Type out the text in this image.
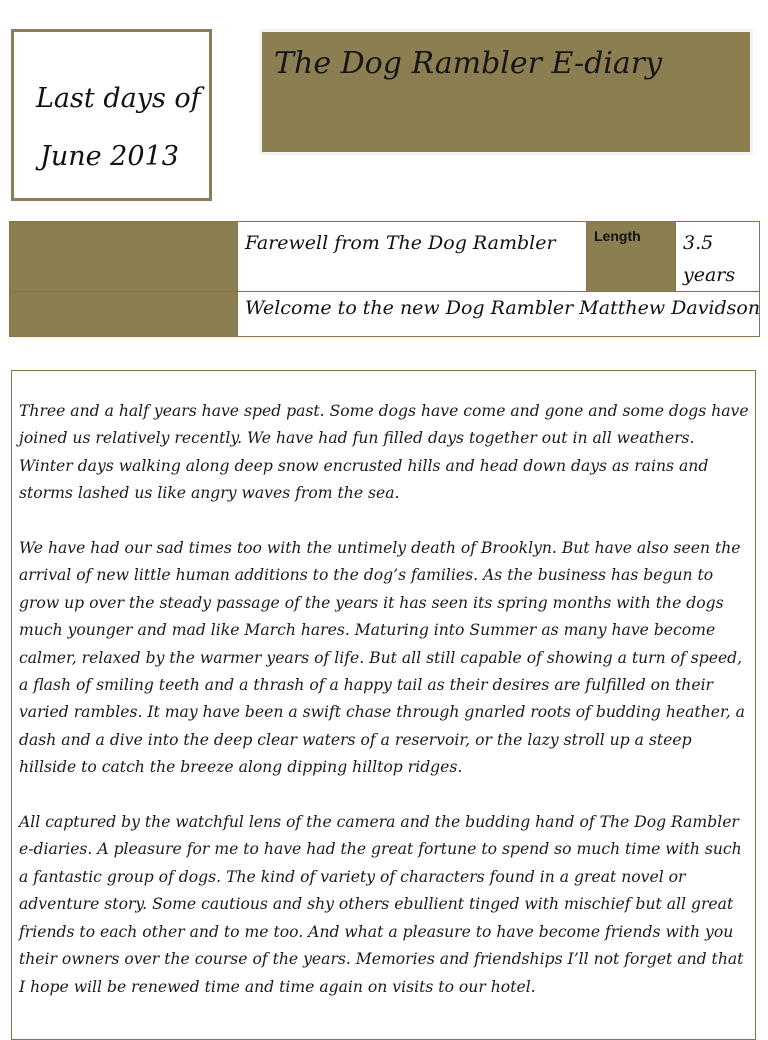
Last days of
June 2013
The Dog Rambler E-diary

	Farewell from The Dog Rambler	Length	3.5 years

	Welcome to the new Dog Rambler Matthew Davidson		

Three and a half years have sped past. Some dogs have come and gone and some dogs have joined us relatively recently. We have had fun filled days together out in all weathers. Winter days walking along deep snow encrusted hills and head down days as rains and storms lashed us like angry waves from the sea.

We have had our sad times too with the untimely death of Brooklyn. But have also seen the arrival of new little human additions to the dog’s families. As the business has begun to grow up over the steady passage of the years it has seen its spring months with the dogs much younger and mad like March hares. Maturing into Summer as many have become calmer, relaxed by the warmer years of life. But all still capable of showing a turn of speed, a flash of smiling teeth and a thrash of a happy tail as their desires are fulfilled on their varied rambles. It may have been a swift chase through gnarled roots of budding heather, a dash and a dive into the deep clear waters of a reservoir, or the lazy stroll up a steep hillside to catch the breeze along dipping hilltop ridges.

All captured by the watchful lens of the camera and the budding hand of The Dog Rambler e-diaries. A pleasure for me to have had the great fortune to spend so much time with such a fantastic group of dogs. The kind of variety of characters found in a great novel or adventure story. Some cautious and shy others ebullient tinged with mischief but all great friends to each other and to me too. And what a pleasure to have become friends with you their owners over the course of the years. Memories and friendships I’ll not forget and that I hope will be renewed time and time again on visits to our hotel.
